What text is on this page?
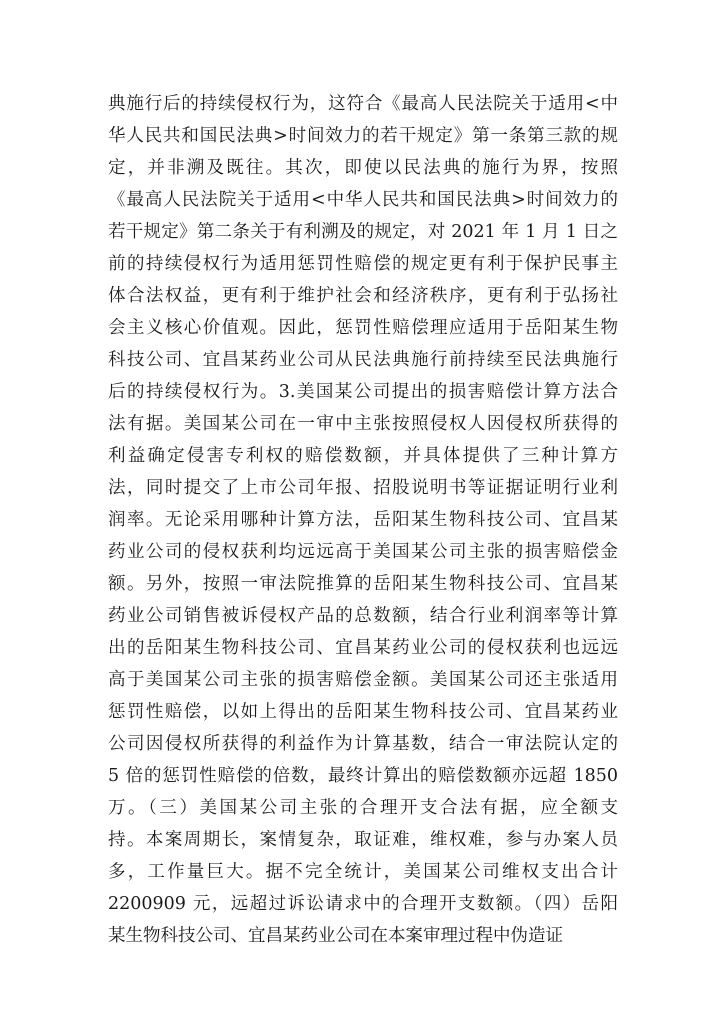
典施行后的持续侵权行为，这符合《最高人民法院关于适用<中
华人民共和国民法典>时间效力的若干规定》第一条第三款的规
定，并非溯及既往。其次，即使以民法典的施行为界，按照
《最高人民法院关于适用<中华人民共和国民法典>时间效力的
若干规定》第二条关于有利溯及的规定，对 2021 年 1 月 1 日之
前的持续侵权行为适用惩罚性赔偿的规定更有利于保护民事主
体合法权益，更有利于维护社会和经济秩序，更有利于弘扬社
会主义核心价值观。因此，惩罚性赔偿理应适用于岳阳某生物
科技公司、宜昌某药业公司从民法典施行前持续至民法典施行
后的持续侵权行为。3.美国某公司提出的损害赔偿计算方法合
法有据。美国某公司在一审中主张按照侵权人因侵权所获得的
利益确定侵害专利权的赔偿数额，并具体提供了三种计算方
法，同时提交了上市公司年报、招股说明书等证据证明行业利
润率。无论采用哪种计算方法，岳阳某生物科技公司、宜昌某
药业公司的侵权获利均远远高于美国某公司主张的损害赔偿金
额。另外，按照一审法院推算的岳阳某生物科技公司、宜昌某
药业公司销售被诉侵权产品的总数额，结合行业利润率等计算
出的岳阳某生物科技公司、宜昌某药业公司的侵权获利也远远
高于美国某公司主张的损害赔偿金额。美国某公司还主张适用
惩罚性赔偿，以如上得出的岳阳某生物科技公司、宜昌某药业
公司因侵权所获得的利益作为计算基数，结合一审法院认定的
5 倍的惩罚性赔偿的倍数，最终计算出的赔偿数额亦远超 1850
万。（三）美国某公司主张的合理开支合法有据，应全额支
持。本案周期长，案情复杂，取证难，维权难，参与办案人员
多，工作量巨大。据不完全统计，美国某公司维权支出合计
2200909 元，远超过诉讼请求中的合理开支数额。（四）岳阳
某生物科技公司、宜昌某药业公司在本案审理过程中伪造证
